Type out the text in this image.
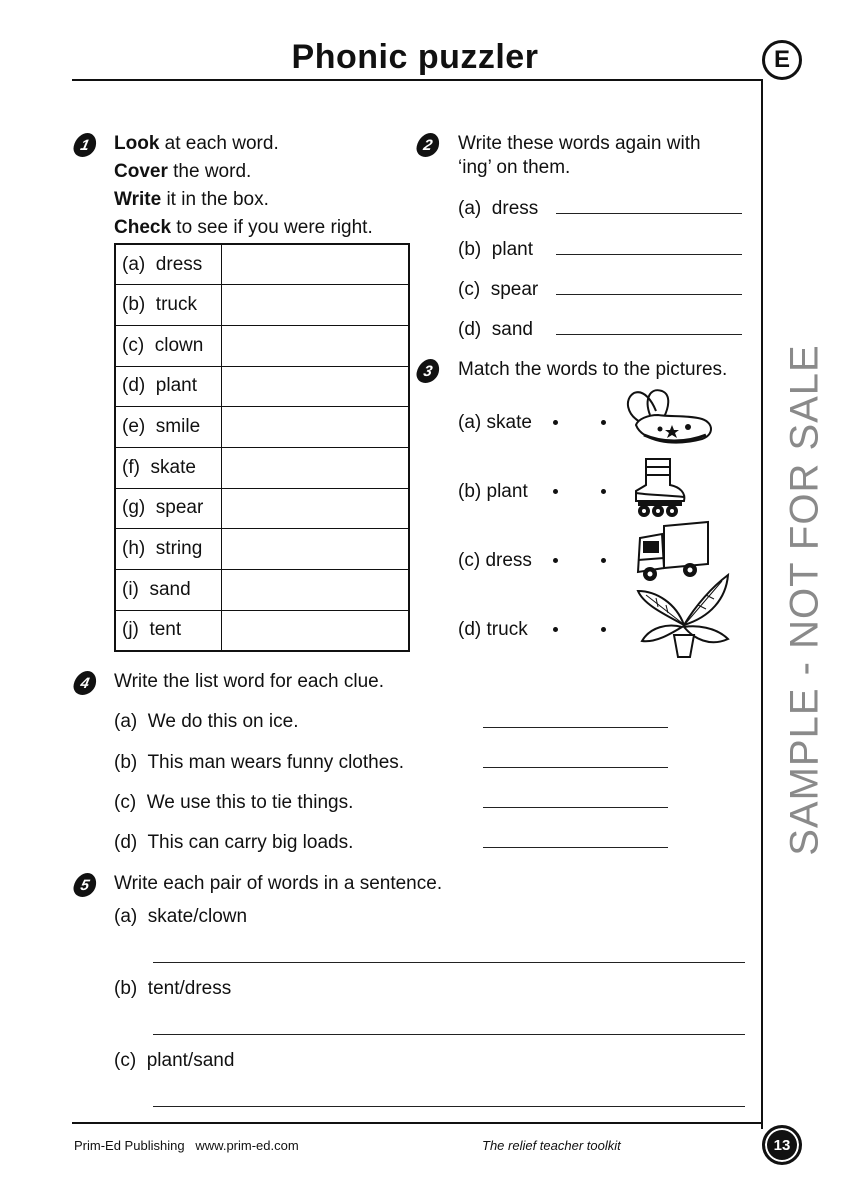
Phonic puzzler	E
SAMPLE - NOT FOR SALE
1	Look at each word.
Cover the word.
Write it in the box.
Check to see if you were right.
(a) dress	
(b) truck	
(c) clown	
(d) plant	
(e) smile	
(f) skate	
(g) spear	
(h) string	
(i) sand	
(j) tent	
2	Write these words again with
‘ing’ on them.
(a) dress
(b) plant
(c) spear
(d) sand
3	Match the words to the pictures.
(a) skate
(b) plant
(c) dress
(d) truck
4	Write the list word for each clue.
(a) We do this on ice.
(b) This man wears funny clothes.
(c) We use this to tie things.
(d) This can carry big loads.
5	Write each pair of words in a sentence.
(a) skate/clown
(b) tent/dress
(c) plant/sand
Prim-Ed Publishing   www.prim-ed.com	The relief teacher toolkit	13
